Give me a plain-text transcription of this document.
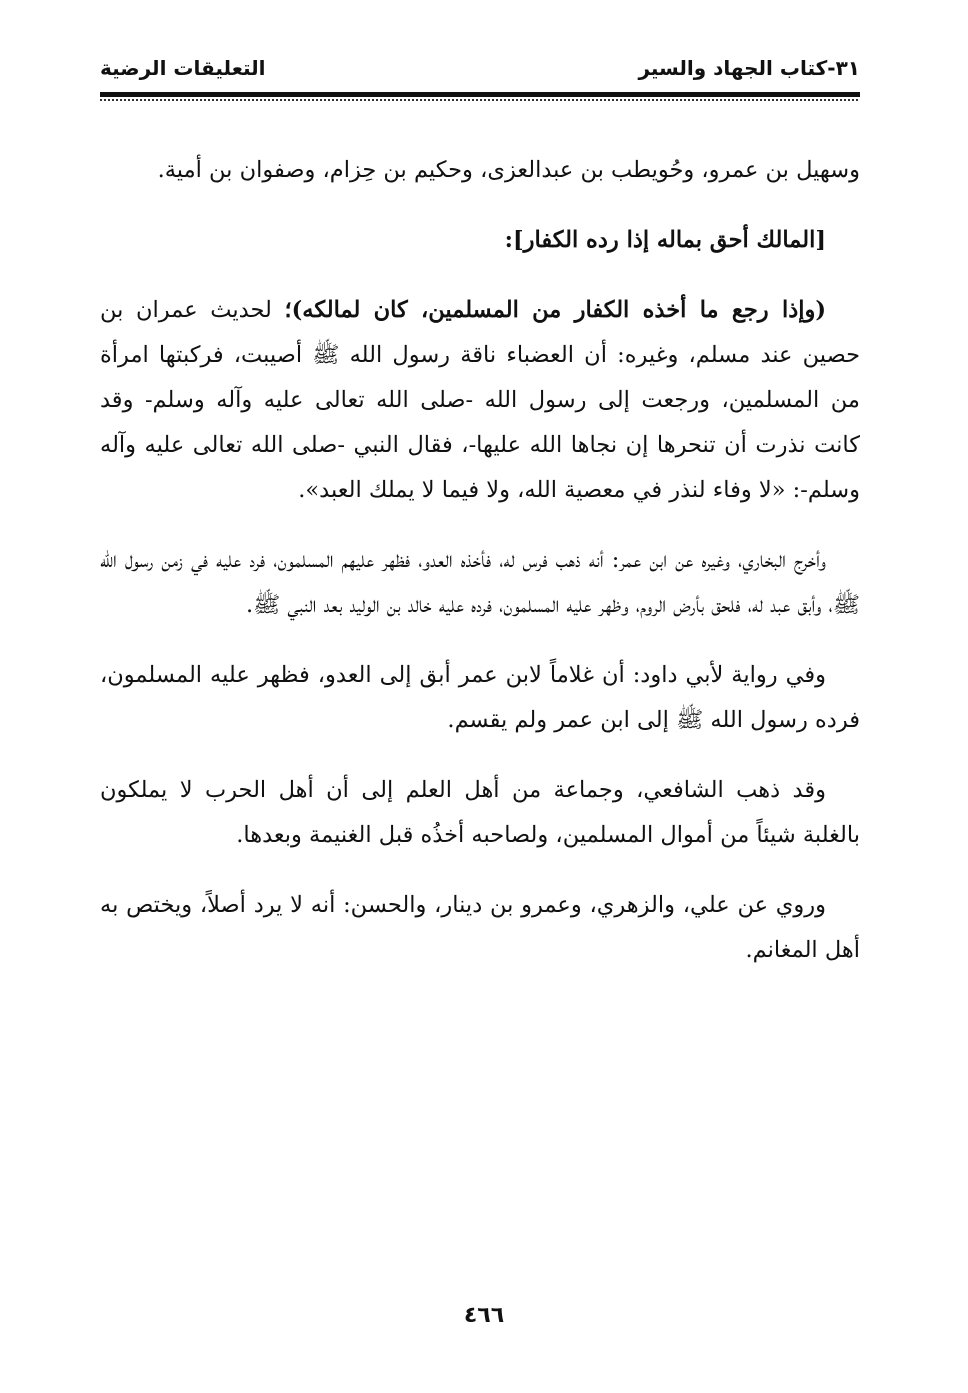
٣١-كتاب الجهاد والسير
التعليقات الرضية

وسهيل بن عمرو، وحُويطب بن عبدالعزى، وحكيم بن حِزام، وصفوان بن أمية.

[المالك أحق بماله إذا رده الكفار]:

(وإذا رجع ما أخذه الكفار من المسلمين، كان لمالكه)؛ لحديث عمران بن حصين عند مسلم، وغيره: أن العضباء ناقة رسول الله ﷺ أصيبت، فركبتها امرأة من المسلمين، ورجعت إلى رسول الله -صلى الله تعالى عليه وآله وسلم- وقد كانت نذرت أن تنحرها إن نجاها الله عليها-، فقال النبي -صلى الله تعالى عليه وآله وسلم-: «لا وفاء لنذر في معصية الله، ولا فيما لا يملك العبد».

وأخرج البخاري، وغيره عن ابن عمر: أنه ذهب فرس له، فأخذه العدو، فظهر عليهم المسلمون، فرد عليه في زمن رسول الله ﷺ، وأبق عبد له، فلحق بأرض الروم، وظهر عليه المسلمون، فرده عليه خالد بن الوليد بعد النبي ﷺ.

وفي رواية لأبي داود: أن غلاماً لابن عمر أبق إلى العدو، فظهر عليه المسلمون، فرده رسول الله ﷺ إلى ابن عمر ولم يقسم.

وقد ذهب الشافعي، وجماعة من أهل العلم إلى أن أهل الحرب لا يملكون بالغلبة شيئاً من أموال المسلمين، ولصاحبه أخذُه قبل الغنيمة وبعدها.

وروي عن علي، والزهري، وعمرو بن دينار، والحسن: أنه لا يرد أصلاً، ويختص به أهل المغانم.

٤٦٦
